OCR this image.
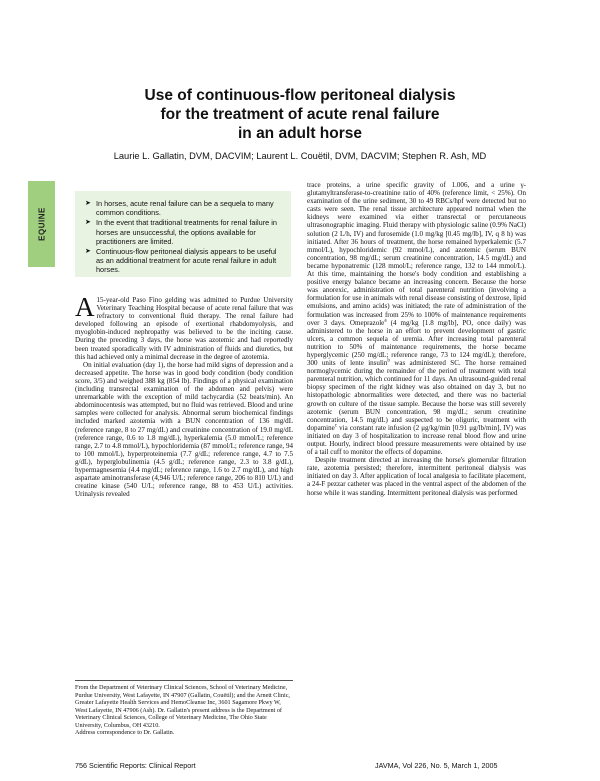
Use of continuous-flow peritoneal dialysis
for the treatment of acute renal failure
in an adult horse
Laurie L. Gallatin, DVM, DACVIM; Laurent L. Couëtil, DVM, DACVIM; Stephen R. Ash, MD
EQUINE
➤ In horses, acute renal failure can be a sequela to many common conditions.
➤ In the event that traditional treatments for renal failure in horses are unsuccessful, the options available for practitioners are limited.
➤ Continuous-flow peritoneal dialysis appears to be useful as an additional treatment for acute renal failure in adult horses.

A 15-year-old Paso Fino gelding was admitted to Purdue University Veterinary Teaching Hospital because of acute renal failure that was refractory to conventional fluid therapy. The renal failure had developed following an episode of exertional rhabdomyolysis, and myoglobin-induced nephropathy was believed to be the inciting cause. During the preceding 3 days, the horse was azotemic and had reportedly been treated sporadically with IV administration of fluids and diuretics, but this had achieved only a minimal decrease in the degree of azotemia.

On initial evaluation (day 1), the horse had mild signs of depression and a decreased appetite. The horse was in good body condition (body condition score, 3/5) and weighed 388 kg (854 lb). Findings of a physical examination (including transrectal examination of the abdomen and pelvis) were unremarkable with the exception of mild tachycardia (52 beats/min). An abdominocentesis was attempted, but no fluid was retrieved. Blood and urine samples were collected for analysis. Abnormal serum biochemical findings included marked azotemia with a BUN concentration of 136 mg/dL (reference range, 8 to 27 mg/dL) and creatinine concentration of 19.0 mg/dL (reference range, 0.6 to 1.8 mg/dL), hyperkalemia (5.0 mmol/L; reference range, 2.7 to 4.8 mmol/L), hypochloridemia (87 mmol/L; reference range, 94 to 100 mmol/L), hyperproteinemia (7.7 g/dL; reference range, 4.7 to 7.5 g/dL), hyperglobulinemia (4.5 g/dL; reference range, 2.3 to 3.8 g/dL), hypermagnesemia (4.4 mg/dL; reference range, 1.6 to 2.7 mg/dL), and high aspartate aminotransferase (4,946 U/L; reference range, 206 to 810 U/L) and creatine kinase (540 U/L; reference range, 88 to 453 U/L) activities. Urinalysis revealed

From the Department of Veterinary Clinical Sciences, School of Veterinary Medicine, Purdue University, West Lafayette, IN 47907 (Gallatin, Couëtil); and the Arnett Clinic, Greater Lafayette Health Services and HemoCleanse Inc, 3601 Sagamore Pkwy W, West Lafayette, IN 47906 (Ash). Dr. Gallatin's present address is the Department of Veterinary Clinical Sciences, College of Veterinary Medicine, The Ohio State University, Columbus, OH 43210.

Address correspondence to Dr. Gallatin.

trace proteins, a urine specific gravity of 1.006, and a urine γ-glutamyltransferase-to-creatinine ratio of 40% (reference limit, < 25%). On examination of the urine sediment, 30 to 49 RBCs/hpf were detected but no casts were seen. The renal tissue architecture appeared normal when the kidneys were examined via either transrectal or percutaneous ultrasonographic imaging. Fluid therapy with physiologic saline (0.9% NaCl) solution (2 L/h, IV) and furosemide (1.0 mg/kg [0.45 mg/lb], IV, q 8 h) was initiated. After 36 hours of treatment, the horse remained hyperkalemic (5.7 mmol/L), hypochloridemic (92 mmol/L), and azotemic (serum BUN concentration, 98 mg/dL; serum creatinine concentration, 14.5 mg/dL) and became hyponatremic (128 mmol/L; reference range, 132 to 144 mmol/L). At this time, maintaining the horse's body condition and establishing a positive energy balance became an increasing concern. Because the horse was anorexic, administration of total parenteral nutrition (involving a formulation for use in animals with renal disease consisting of dextrose, lipid emulsions, and amino acids) was initiated; the rate of administration of the formulation was increased from 25% to 100% of maintenance requirements over 3 days. Omeprazole$^a$ (4 mg/kg [1.8 mg/lb], PO, once daily) was administered to the horse in an effort to prevent development of gastric ulcers, a common sequela of uremia. After increasing total parenteral nutrition to 50% of maintenance requirements, the horse became hyperglycemic (250 mg/dL; reference range, 73 to 124 mg/dL); therefore, 300 units of lente insulin$^b$ was administered SC. The horse remained normoglycemic during the remainder of the period of treatment with total parenteral nutrition, which continued for 11 days. An ultrasound-guided renal biopsy specimen of the right kidney was also obtained on day 3, but no histopathologic abnormalities were detected, and there was no bacterial growth on culture of the tissue sample. Because the horse was still severely azotemic (serum BUN concentration, 98 mg/dL; serum creatinine concentration, 14.5 mg/dL) and suspected to be oliguric, treatment with dopamine$^c$ via constant rate infusion (2 μg/kg/min [0.91 μg/lb/min], IV) was initiated on day 3 of hospitalization to increase renal blood flow and urine output. Hourly, indirect blood pressure measurements were obtained by use of a tail cuff to monitor the effects of dopamine.

Despite treatment directed at increasing the horse's glomerular filtration rate, azotemia persisted; therefore, intermittent peritoneal dialysis was initiated on day 3. After application of local analgesia to facilitate placement, a 24-F pezzar catheter was placed in the ventral aspect of the abdomen of the horse while it was standing. Intermittent peritoneal dialysis was performed

756 Scientific Reports: Clinical Report	JAVMA, Vol 226, No. 5, March 1, 2005
